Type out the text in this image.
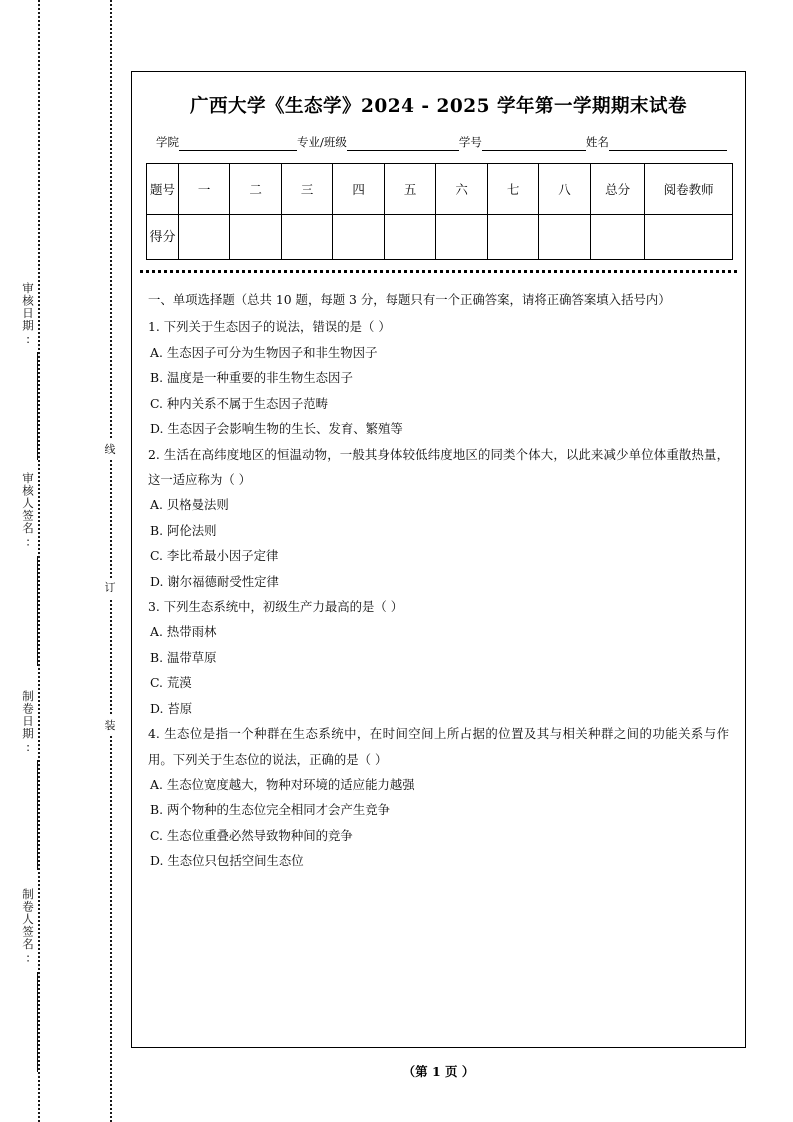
线
订
装
审核日期:
审核人签名:
制卷日期:
制卷人签名:
广西大学《生态学》2024 - 2025 学年第一学期期末试卷
学院	专业/班级	学号	姓名
题号	一	二	三	四	五	六	七	八	总分	阅卷教师

得分										

一、单项选择题（总共 10 题，每题 3 分，每题只有一个正确答案，请将正确答案填入括号内）

1. 下列关于生态因子的说法，错误的是（ ）

A. 生态因子可分为生物因子和非生物因子

B. 温度是一种重要的非生物生态因子

C. 种内关系不属于生态因子范畴

D. 生态因子会影响生物的生长、发育、繁殖等

2. 生活在高纬度地区的恒温动物，一般其身体较低纬度地区的同类个体大，以此来减少单位体重散热量，这一适应称为（ ）

A. 贝格曼法则

B. 阿伦法则

C. 李比希最小因子定律

D. 谢尔福德耐受性定律

3. 下列生态系统中，初级生产力最高的是（ ）

A. 热带雨林

B. 温带草原

C. 荒漠

D. 苔原

4. 生态位是指一个种群在生态系统中，在时间空间上所占据的位置及其与相关种群之间的功能关系与作用。下列关于生态位的说法，正确的是（ ）

A. 生态位宽度越大，物种对环境的适应能力越强

B. 两个物种的生态位完全相同才会产生竞争

C. 生态位重叠必然导致物种间的竞争

D. 生态位只包括空间生态位

（第 1 页 ）
